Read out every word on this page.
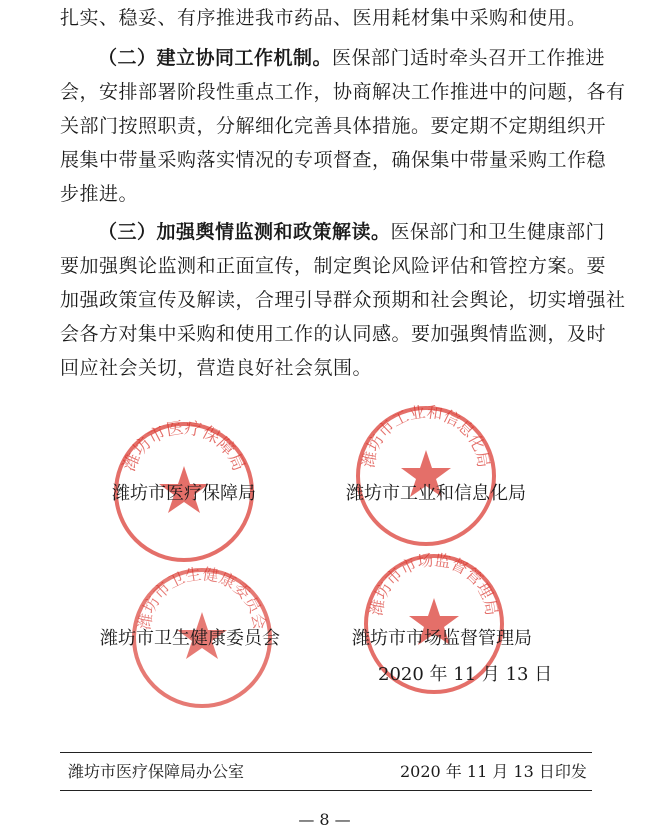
扎实、稳妥、有序推进我市药品、医用耗材集中采购和使用。
（二）建立协同工作机制。医保部门适时牵头召开工作推进
会，安排部署阶段性重点工作，协商解决工作推进中的问题，各有
关部门按照职责，分解细化完善具体措施。要定期不定期组织开
展集中带量采购落实情况的专项督查，确保集中带量采购工作稳
步推进。
（三）加强舆情监测和政策解读。医保部门和卫生健康部门
要加强舆论监测和正面宣传，制定舆论风险评估和管控方案。要
加强政策宣传及解读，合理引导群众预期和社会舆论，切实增强社
会各方对集中采购和使用工作的认同感。要加强舆情监测，及时
回应社会关切，营造良好社会氛围。
潍坊市医疗保障局	潍坊市工业和信息化局
潍坊市卫生健康委员会
潍坊市市场监督管理局
潍坊市医疗保障局	潍坊市工业和信息化局
潍坊市卫生健康委员会	潍坊市市场监督管理局
2020 年 11 月 13 日
潍坊市医疗保障局办公室	2020 年 11 月 13 日印发
— 8 —
